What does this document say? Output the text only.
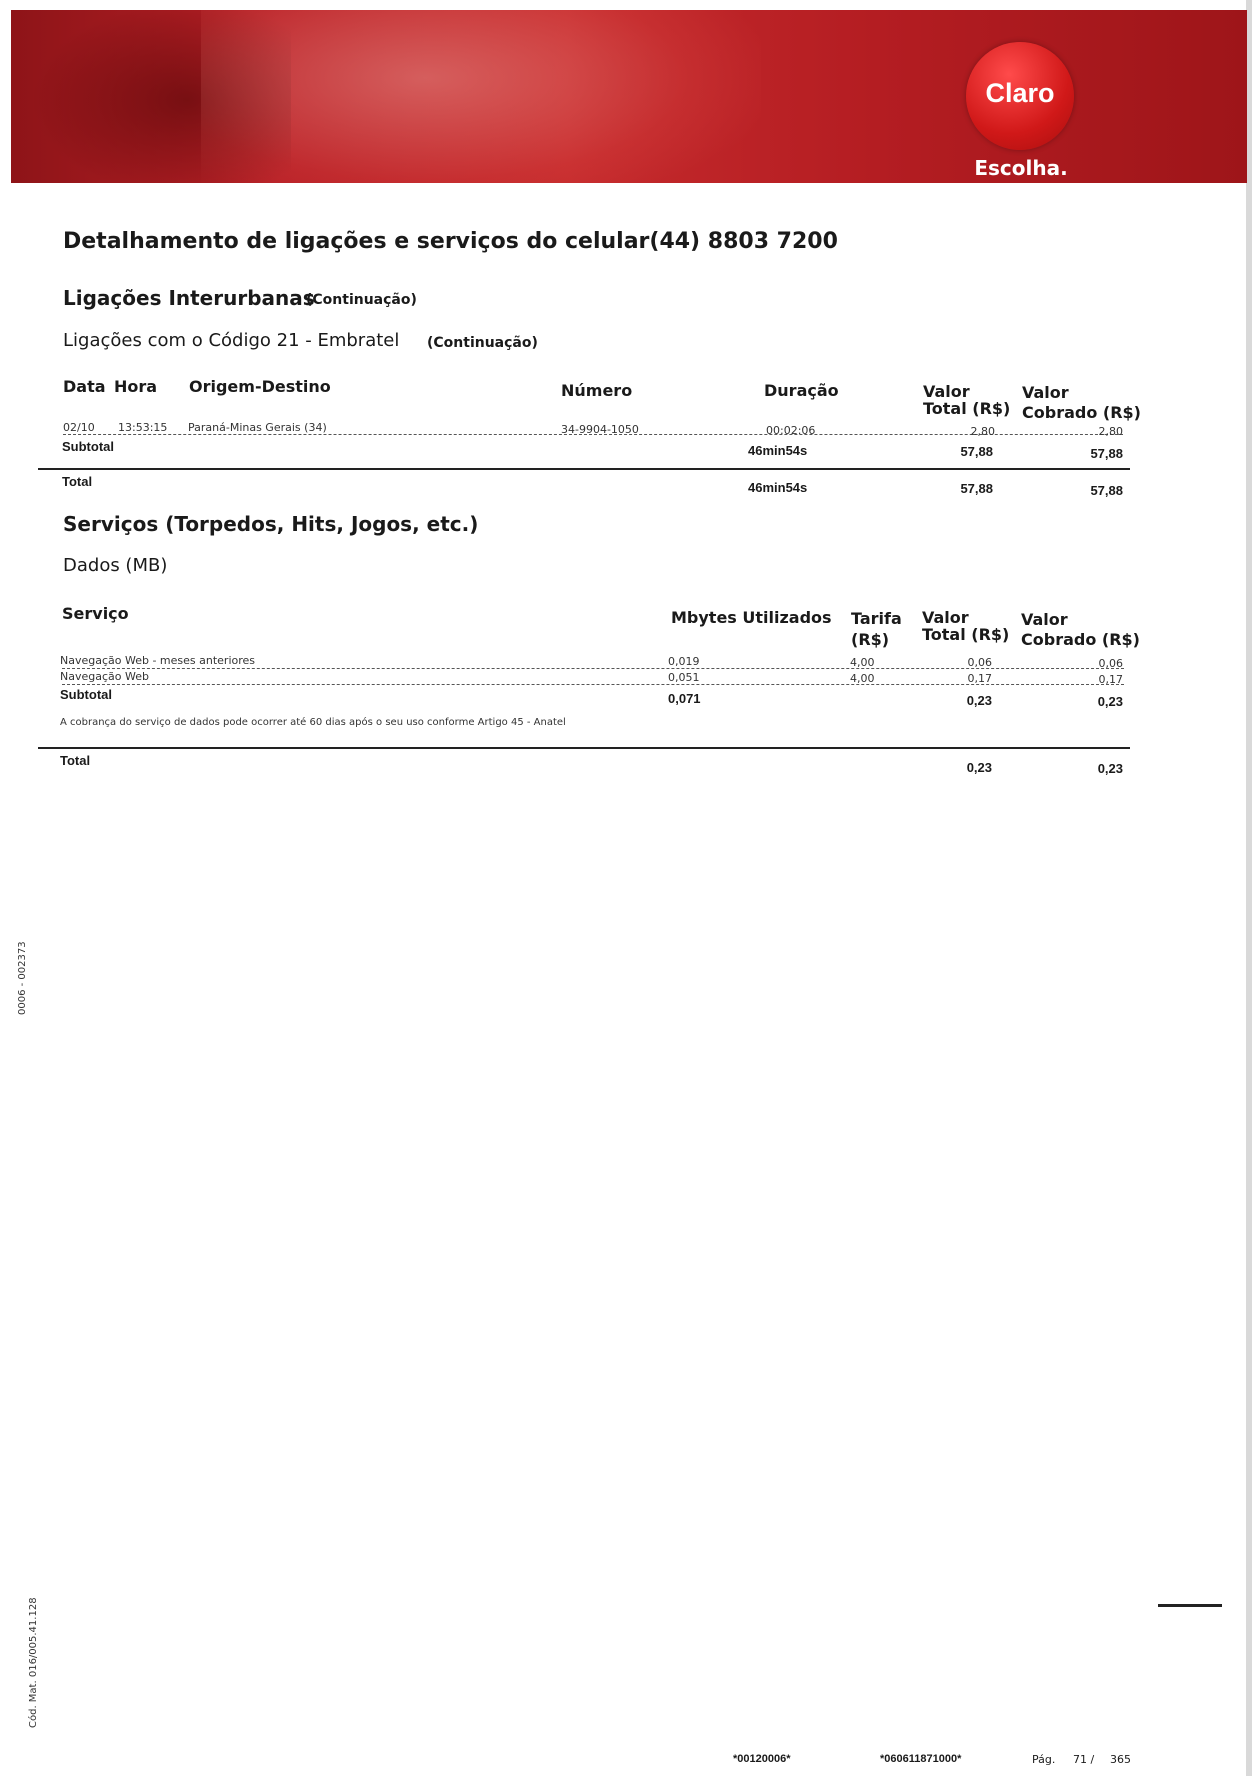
Claro
Escolha.
Detalhamento de ligações e serviços do celular(44) 8803 7200
Ligações Interurbanas
(Continuação)
Ligações com o Código 21 - Embratel (Continuação)
Data Hora Origem-Destino	Número	Duração	Valor
Total (R$)
Valor
Cobrado (R$)
02/10 13:53:15 Paraná-Minas Gerais (34)	34-9904-1050	00:02:06	2,80	2,80
Subtotal	46min54s	57,88	57,88
Total	46min54s	57,88	57,88
Serviços (Torpedos, Hits, Jogos, etc.)
Dados (MB)
Serviço	Mbytes Utilizados Tarifa
(R$)
Valor
Total (R$)
Valor
Cobrado (R$)
Navegação Web - meses anteriores	0,019	4,00	0,06	0,06
Navegação Web	0,051	4,00	0,17	0,17
Subtotal	0,071	0,23	0,23
A cobrança do serviço de dados pode ocorrer até 60 dias após o seu uso conforme Artigo 45 - Anatel
Total	0,23	0,23
0006 - 002373
Cód. Mat. 016/005.41.128
*00120006*	*060611871000*	Pág. 71 / 365
